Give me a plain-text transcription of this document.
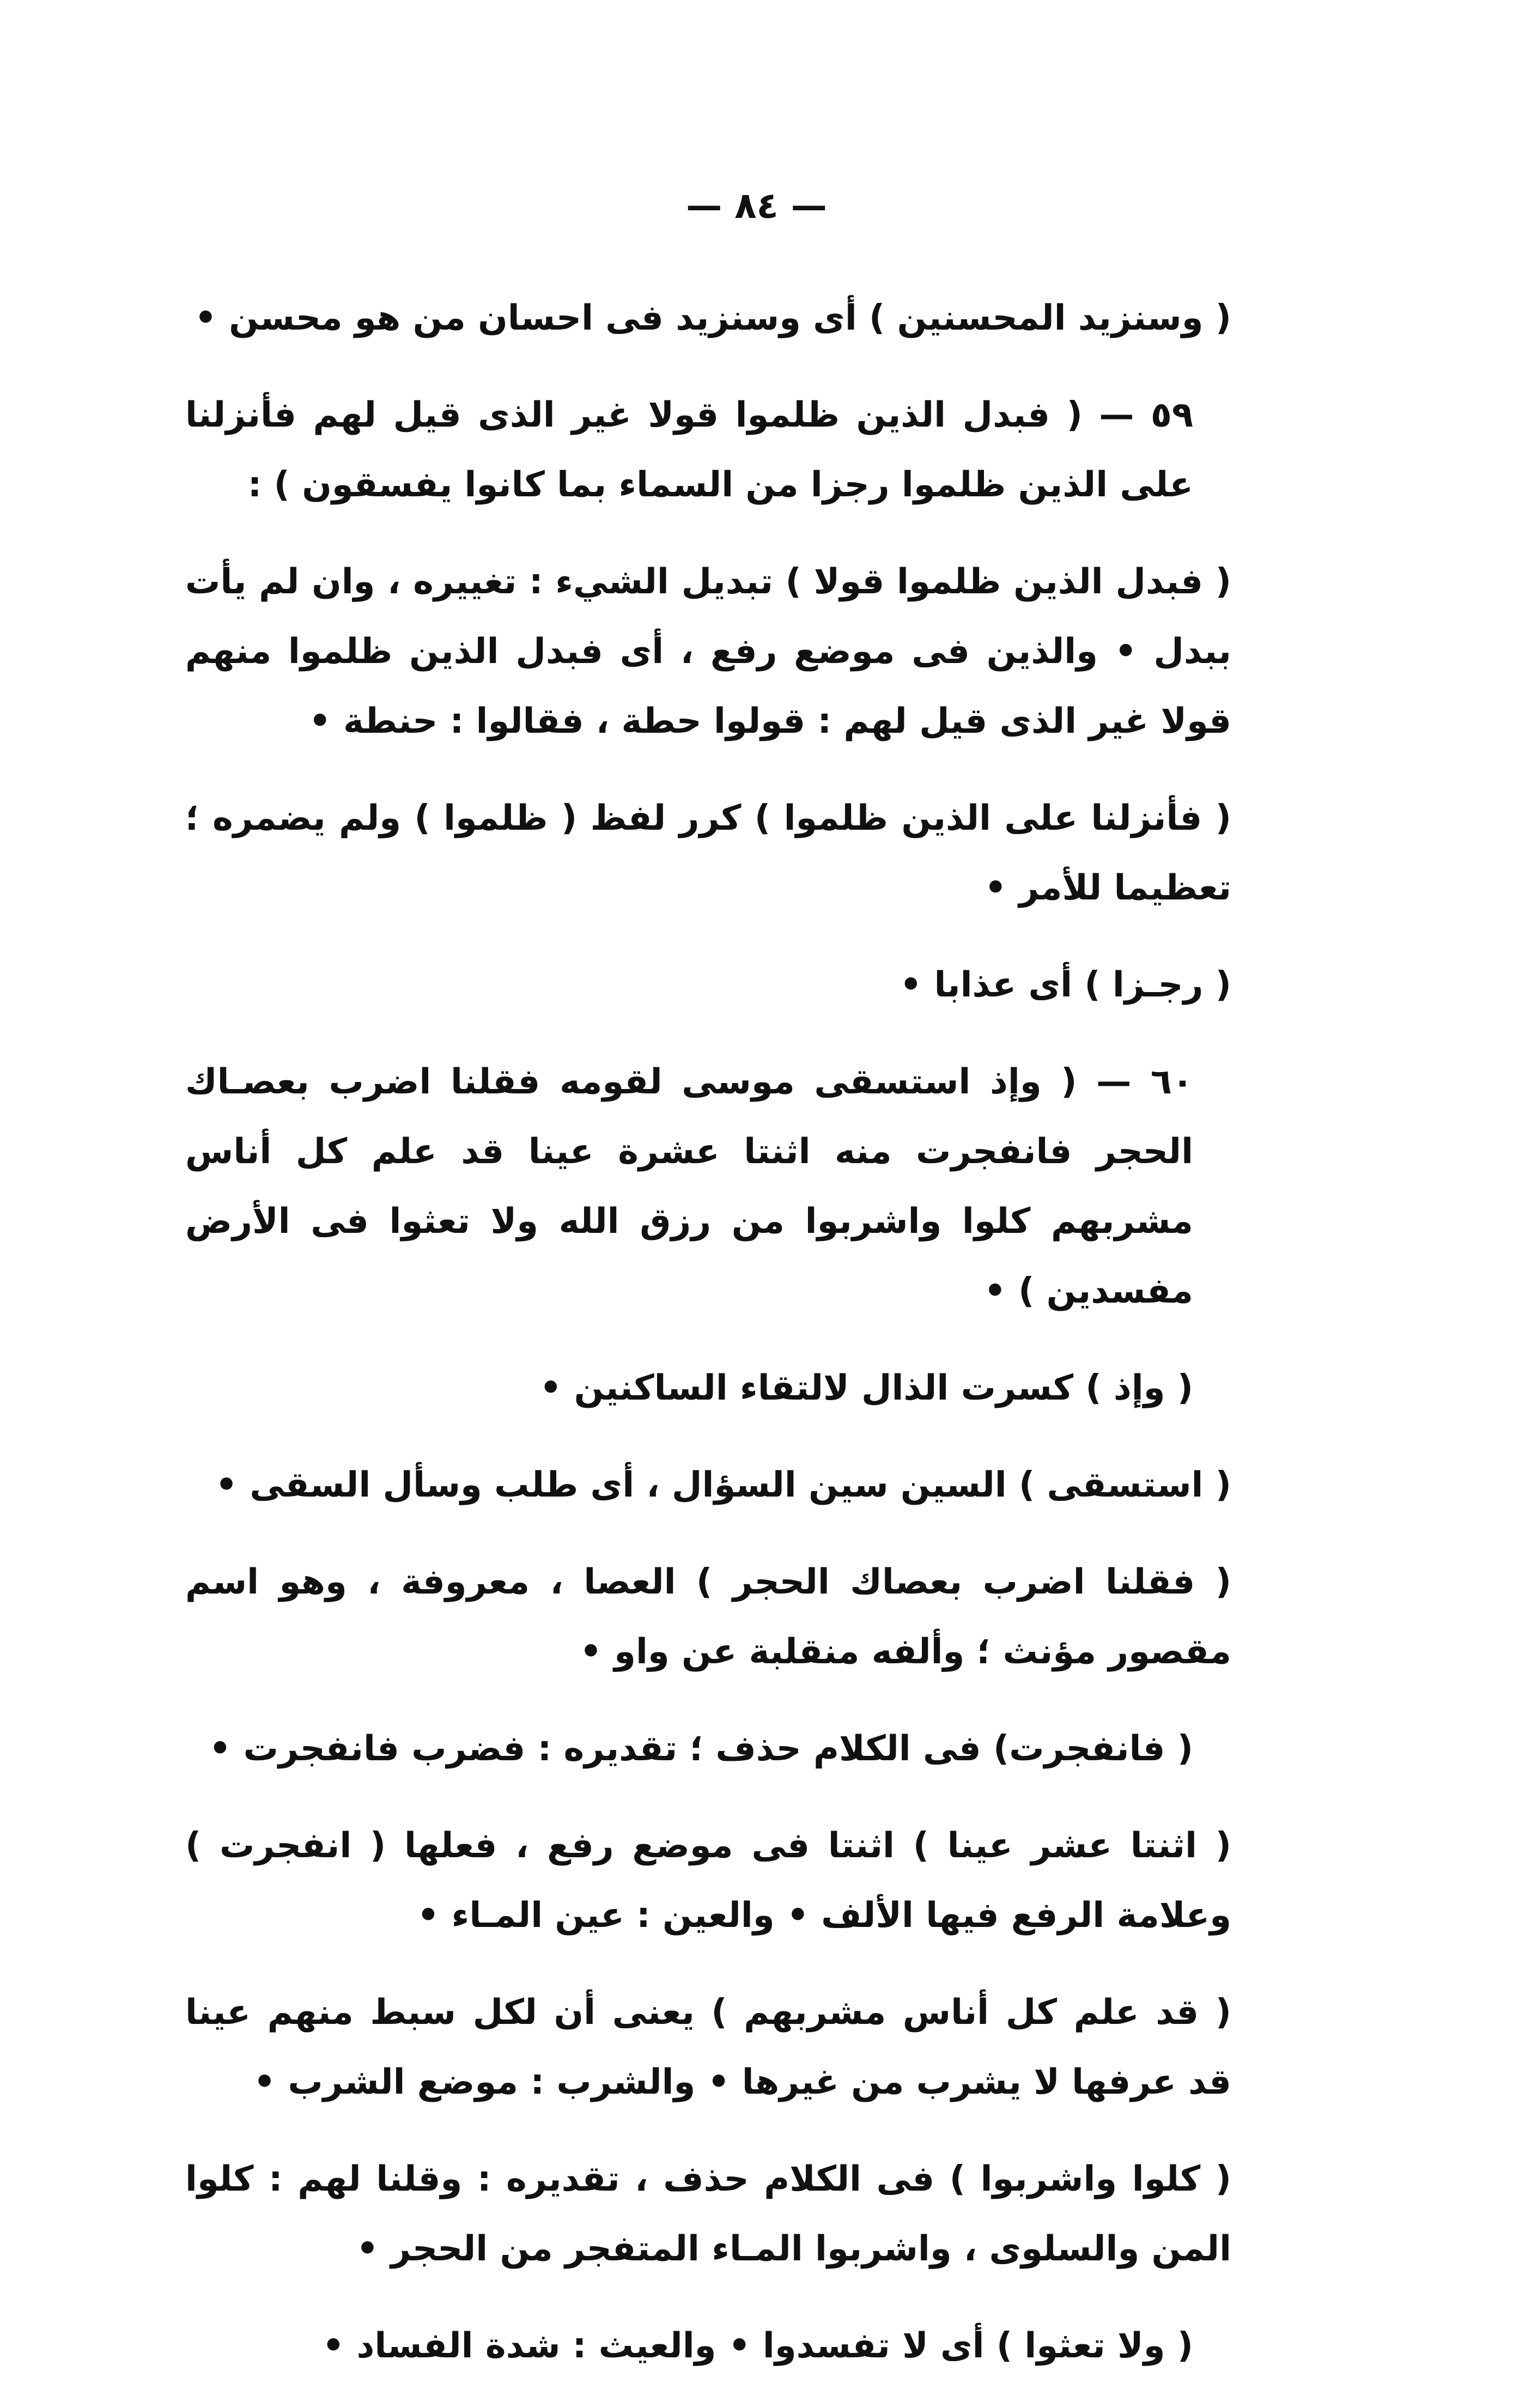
— ٨٤ —

( وسنزيد المحسنين ) أى وسنزيد فى احسان من هو محسن •

٥٩ — ( فبدل الذين ظلموا قولا غير الذى قيل لهم فأنزلنا على الذين ظلموا رجزا من السماء بما كانوا يفسقون ) :

( فبدل الذين ظلموا قولا ) تبديل الشيء : تغييره ، وان لم يأت ببدل • والذين فى موضع رفع ، أى فبدل الذين ظلموا منهم قولا غير الذى قيل لهم : قولوا حطة ، فقالوا : حنطة •

( فأنزلنا على الذين ظلموا ) كرر لفظ ( ظلموا ) ولم يضمره ؛ تعظيما للأمر •

( رجـزا ) أى عذابا •

٦٠ — ( وإذ استسقى موسى لقومه فقلنا اضرب بعصـاك الحجر فانفجرت منه اثنتا عشرة عينا قد علم كل أناس مشربهم كلوا واشربوا من رزق الله ولا تعثوا فى الأرض مفسدين ) •

( وإذ ) كسرت الذال لالتقاء الساكنين •

( استسقى ) السين سين السؤال ، أى طلب وسأل السقى •

( فقلنا اضرب بعصاك الحجر ) العصا ، معروفة ، وهو اسم مقصور مؤنث ؛ وألفه منقلبة عن واو •

( فانفجرت) فى الكلام حذف ؛ تقديره : فضرب فانفجرت •

( اثنتا عشر عينا ) اثنتا فى موضع رفع ، فعلها ( انفجرت ) وعلامة الرفع فيها الألف • والعين : عين المـاء •

( قد علم كل أناس مشربهم ) يعنى أن لكل سبط منهم عينا قد عرفها لا يشرب من غيرها • والشرب : موضع الشرب •

( كلوا واشربوا ) فى الكلام حذف ، تقديره : وقلنا لهم : كلوا المن والسلوى ، واشربوا المـاء المتفجر من الحجر •

( ولا تعثوا ) أى لا تفسدوا • والعيث : شدة الفساد •
